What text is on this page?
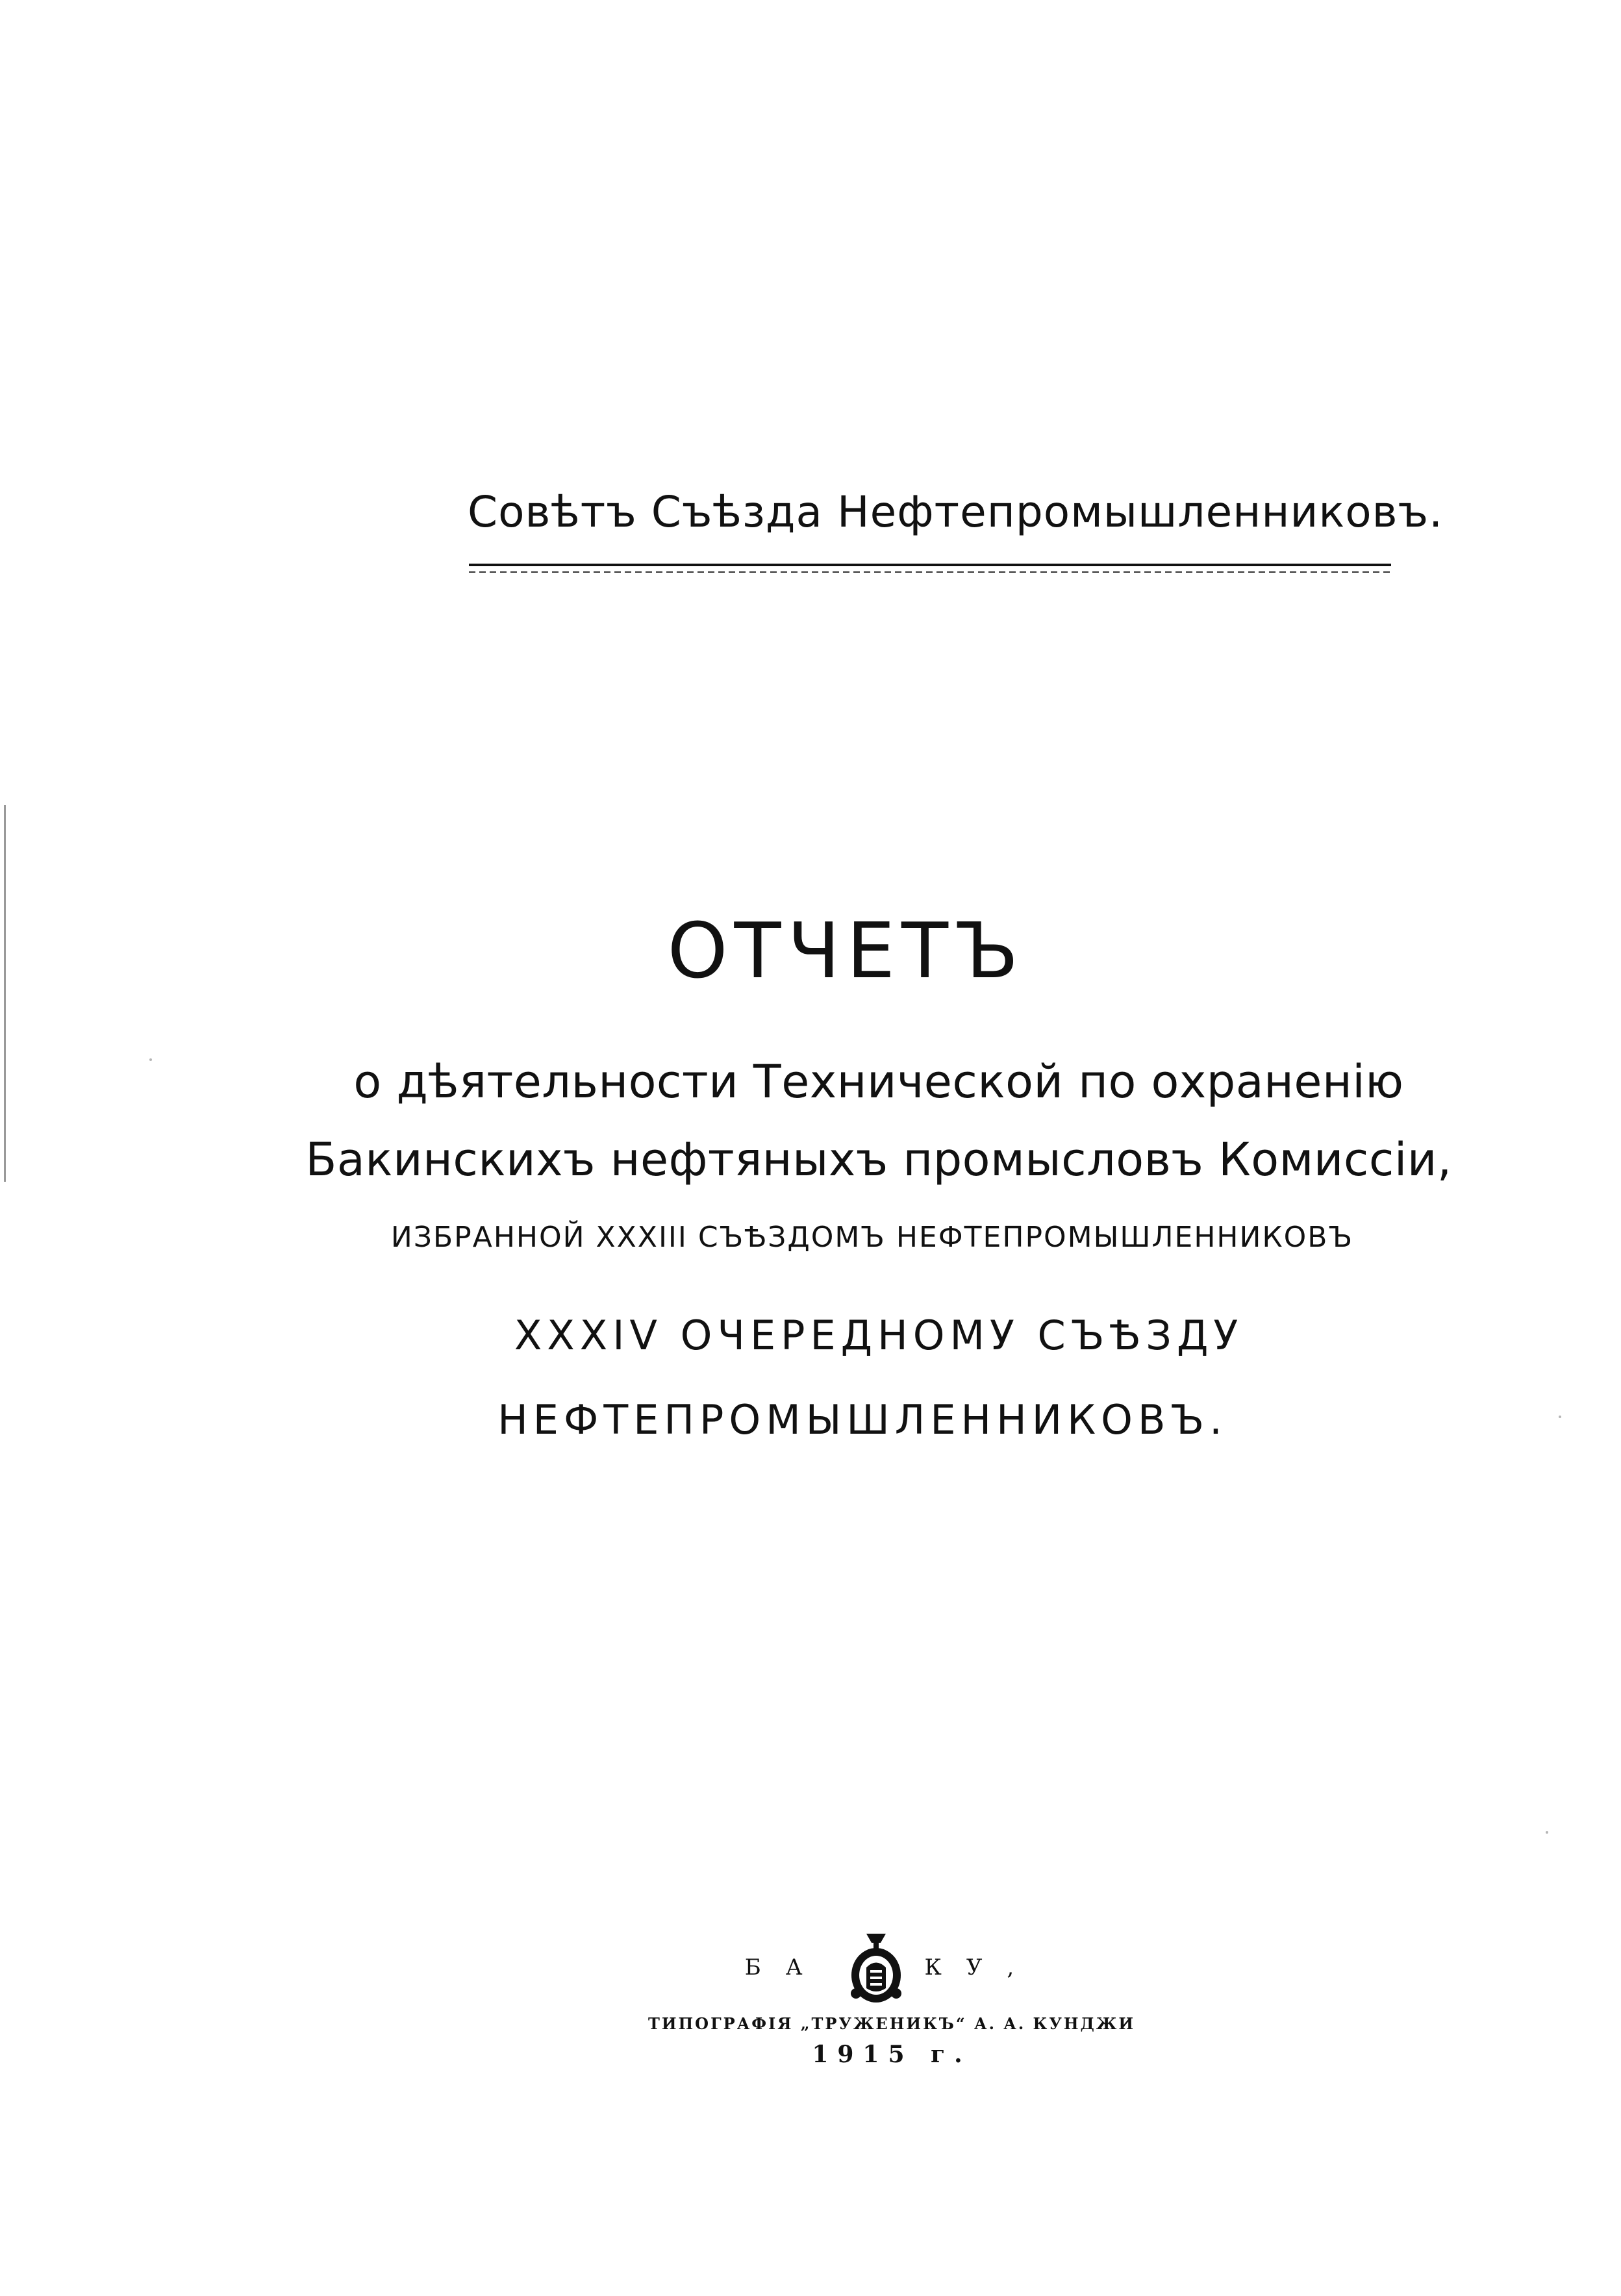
Совѣтъ Съѣзда Нефтепромышленниковъ.
ОТЧЕТЪ
о дѣятельности Технической по охраненію
Бакинскихъ нефтяныхъ промысловъ Комиссіи,
ИЗБРАННОЙ XXXIII СЪѢЗДОМЪ НЕФТЕПРОМЫШЛЕННИКОВЪ
XXXIV ОЧЕРЕДНОМУ СЪѢЗДУ
НЕФТЕПРОМЫШЛЕННИКОВЪ.
БА	КУ,
ТИПОГРАФІЯ „ТРУЖЕНИКЪ“ А. А. КУНДЖИ
1915 г.
